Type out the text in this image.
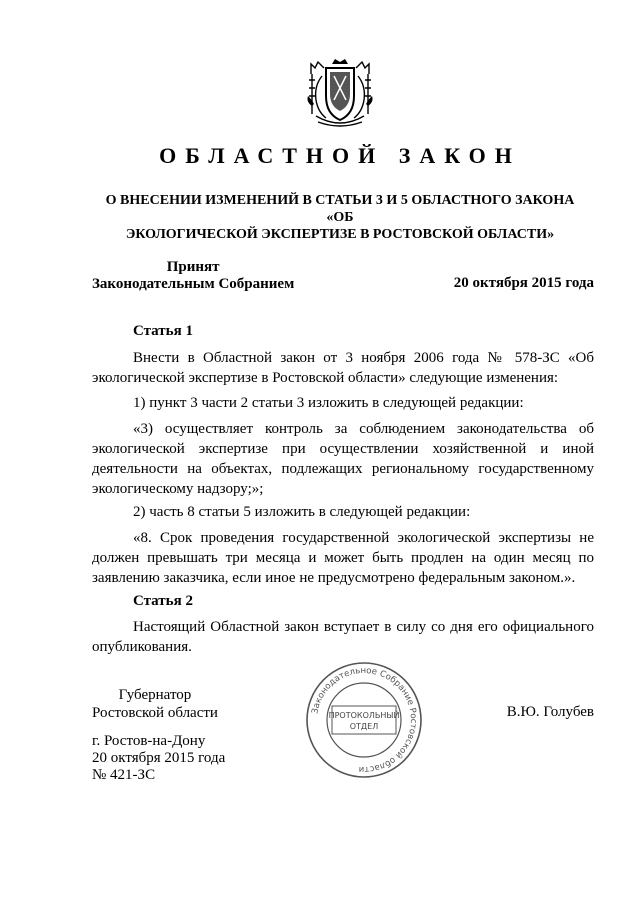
ОБЛАСТНОЙ ЗАКОН
О ВНЕСЕНИИ ИЗМЕНЕНИЙ В СТАТЬИ 3 И 5 ОБЛАСТНОГО ЗАКОНА «ОБ
ЭКОЛОГИЧЕСКОЙ ЭКСПЕРТИЗЕ В РОСТОВСКОЙ ОБЛАСТИ»
Принят
Законодательным Собранием	20 октября 2015 года
Статья 1
Внести в Областной закон от 3 ноября 2006 года № 578-ЗС «Об экологической экспертизе в Ростовской области» следующие изменения:
1) пункт 3 части 2 статьи 3 изложить в следующей редакции:
«3) осуществляет контроль за соблюдением законодательства об экологической экспертизе при осуществлении хозяйственной и иной деятельности на объектах, подлежащих региональному государственному экологическому надзору;»;
2) часть 8 статьи 5 изложить в следующей редакции:
«8. Срок проведения государственной экологической экспертизы не должен превышать три месяца и может быть продлен на один месяц по заявлению заказчика, если иное не предусмотрено федеральным законом.».
Статья 2
Настоящий Областной закон вступает в силу со дня его официального опубликования.
Губернатор
Ростовской области	В.Ю. Голубев
г. Ростов-на-Дону
20 октября 2015 года
№ 421-ЗС
Законодательное Собрание Ростовской области
ПРОТОКОЛЬНЫЙ
ОТДЕЛ
